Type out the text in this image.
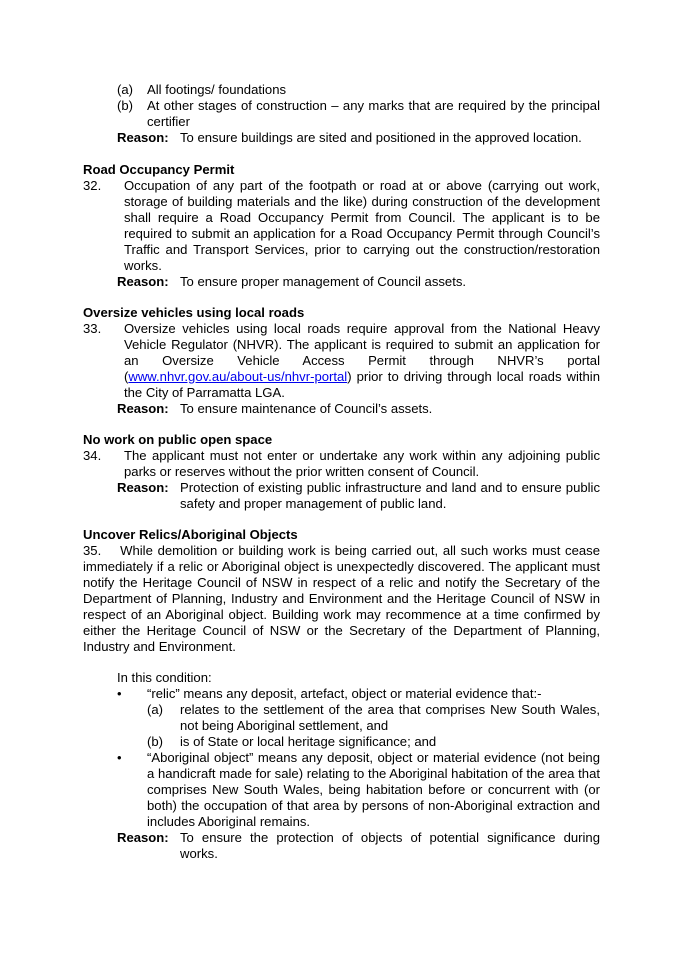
(a) All footings/ foundations
(b) At other stages of construction – any marks that are required by the principal certifier

Reason: To ensure buildings are sited and positioned in the approved location.
Road Occupancy Permit
32. Occupation of any part of the footpath or road at or above (carrying out work, storage of building materials and the like) during construction of the development shall require a Road Occupancy Permit from Council. The applicant is to be required to submit an application for a Road Occupancy Permit through Council’s Traffic and Transport Services, prior to carrying out the construction/restoration works.

Reason: To ensure proper management of Council assets.
Oversize vehicles using local roads
33. Oversize vehicles using local roads require approval from the National Heavy Vehicle Regulator (NHVR). The applicant is required to submit an application for an Oversize Vehicle Access Permit through NHVR’s portal (www.nhvr.gov.au/about-us/nhvr-portal) prior to driving through local roads within the City of Parramatta LGA.

Reason: To ensure maintenance of Council’s assets.
No work on public open space
34. The applicant must not enter or undertake any work within any adjoining public parks or reserves without the prior written consent of Council.

Reason: Protection of existing public infrastructure and land and to ensure public safety and proper management of public land.

Uncover Relics/Aboriginal Objects

35. While demolition or building work is being carried out, all such works must cease immediately if a relic or Aboriginal object is unexpectedly discovered. The applicant must notify the Heritage Council of NSW in respect of a relic and notify the Secretary of the Department of Planning, Industry and Environment and the Heritage Council of NSW in respect of an Aboriginal object. Building work may recommence at a time confirmed by either the Heritage Council of NSW or the Secretary of the Department of Planning, Industry and Environment.

In this condition:
• “relic” means any deposit, artefact, object or material evidence that:-

(a) relates to the settlement of the area that comprises New South Wales, not being Aboriginal settlement, and

(b) is of State or local heritage significance; and
• “Aboriginal object” means any deposit, object or material evidence (not being a handicraft made for sale) relating to the Aboriginal habitation of the area that comprises New South Wales, being habitation before or concurrent with (or both) the occupation of that area by persons of non-Aboriginal extraction and includes Aboriginal remains.

Reason: To ensure the protection of objects of potential significance during works.
